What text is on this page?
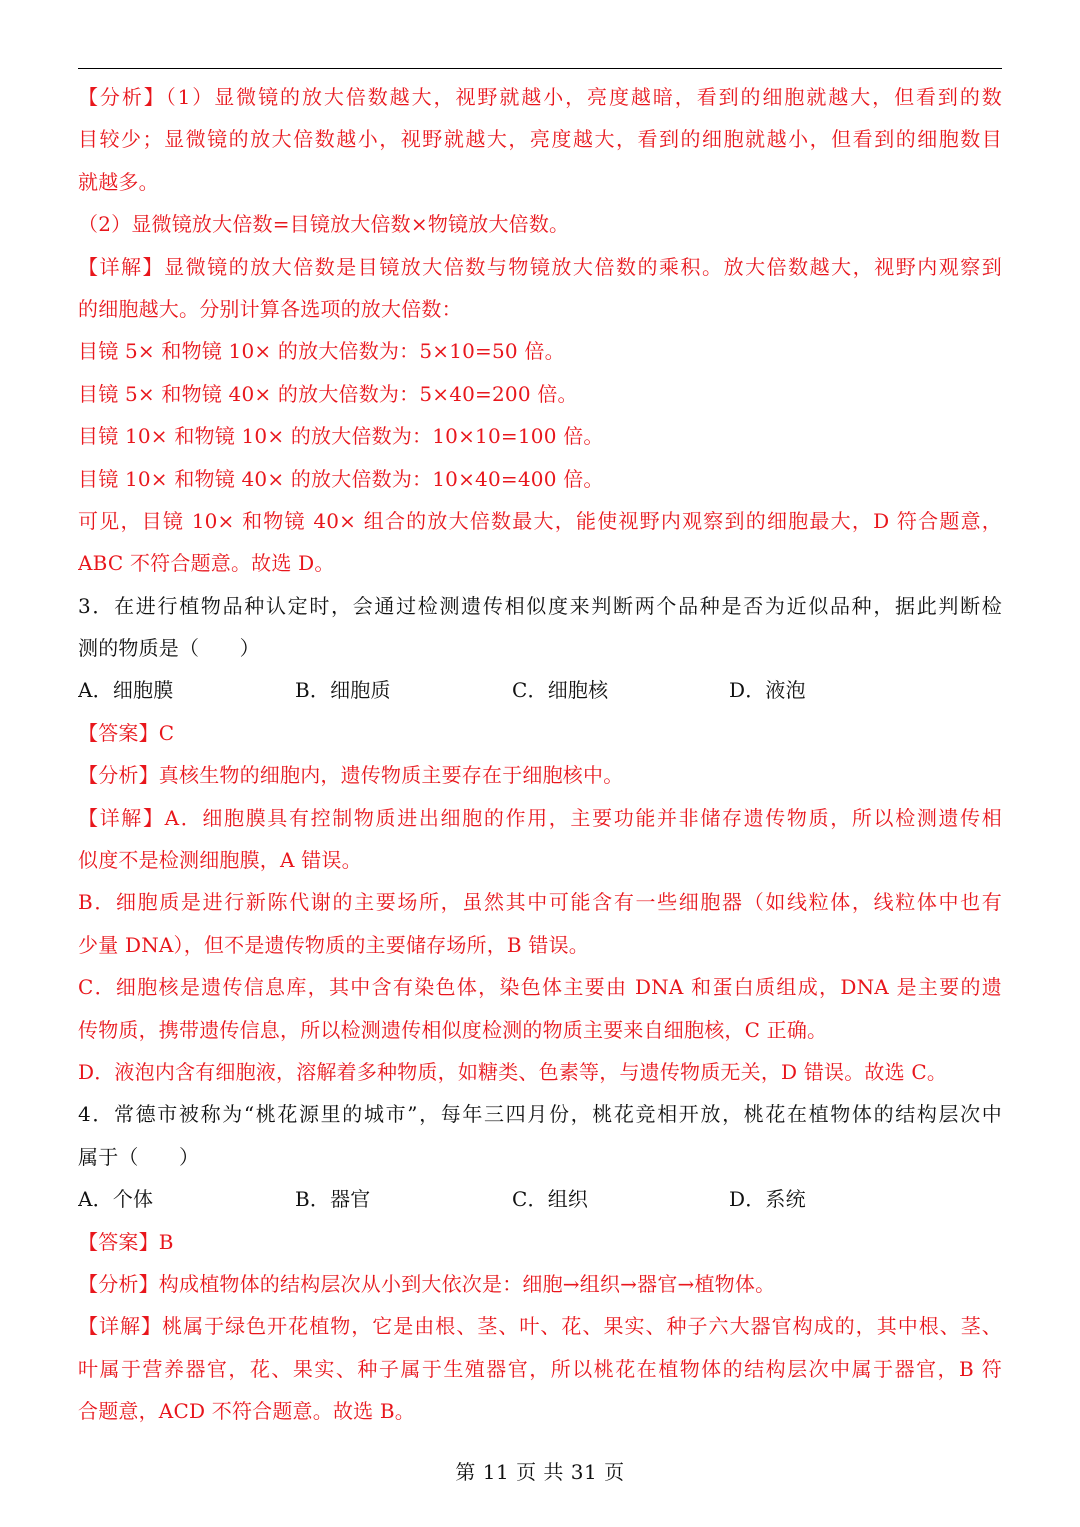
【分析】（1）显微镜的放大倍数越大，视野就越小，亮度越暗，看到的细胞就越大，但看到的数
目较少；显微镜的放大倍数越小，视野就越大，亮度越大，看到的细胞就越小，但看到的细胞数目
就越多。
（2）显微镜放大倍数=目镜放大倍数×物镜放大倍数。
【详解】显微镜的放大倍数是目镜放大倍数与物镜放大倍数的乘积。放大倍数越大，视野内观察到
的细胞越大。分别计算各选项的放大倍数：
目镜 5× 和物镜 10× 的放大倍数为：5×10=50 倍。
目镜 5× 和物镜 40× 的放大倍数为：5×40=200 倍。
目镜 10× 和物镜 10× 的放大倍数为：10×10=100 倍。
目镜 10× 和物镜 40× 的放大倍数为：10×40=400 倍。
可见，目镜 10× 和物镜 40× 组合的放大倍数最大，能使视野内观察到的细胞最大，D 符合题意，
ABC 不符合题意。故选 D。
3．在进行植物品种认定时，会通过检测遗传相似度来判断两个品种是否为近似品种，据此判断检
测的物质是（　　）
A．细胞膜	B．细胞质	C．细胞核	D．液泡
【答案】C
【分析】真核生物的细胞内，遗传物质主要存在于细胞核中。
【详解】A．细胞膜具有控制物质进出细胞的作用，主要功能并非储存遗传物质，所以检测遗传相
似度不是检测细胞膜，A 错误。
B．细胞质是进行新陈代谢的主要场所，虽然其中可能含有一些细胞器（如线粒体，线粒体中也有
少量 DNA），但不是遗传物质的主要储存场所，B 错误。
C．细胞核是遗传信息库，其中含有染色体，染色体主要由 DNA 和蛋白质组成，DNA 是主要的遗
传物质，携带遗传信息，所以检测遗传相似度检测的物质主要来自细胞核，C 正确。
D．液泡内含有细胞液，溶解着多种物质，如糖类、色素等，与遗传物质无关，D 错误。故选 C。
4．常德市被称为“桃花源里的城市”，每年三四月份，桃花竞相开放，桃花在植物体的结构层次中
属于（　　）
A．个体	B．器官	C．组织	D．系统
【答案】B
【分析】构成植物体的结构层次从小到大依次是：细胞→组织→器官→植物体。
【详解】桃属于绿色开花植物，它是由根、茎、叶、花、果实、种子六大器官构成的，其中根、茎、
叶属于营养器官，花、果实、种子属于生殖器官，所以桃花在植物体的结构层次中属于器官，B 符
合题意，ACD 不符合题意。故选 B。
第 11 页 共 31 页
